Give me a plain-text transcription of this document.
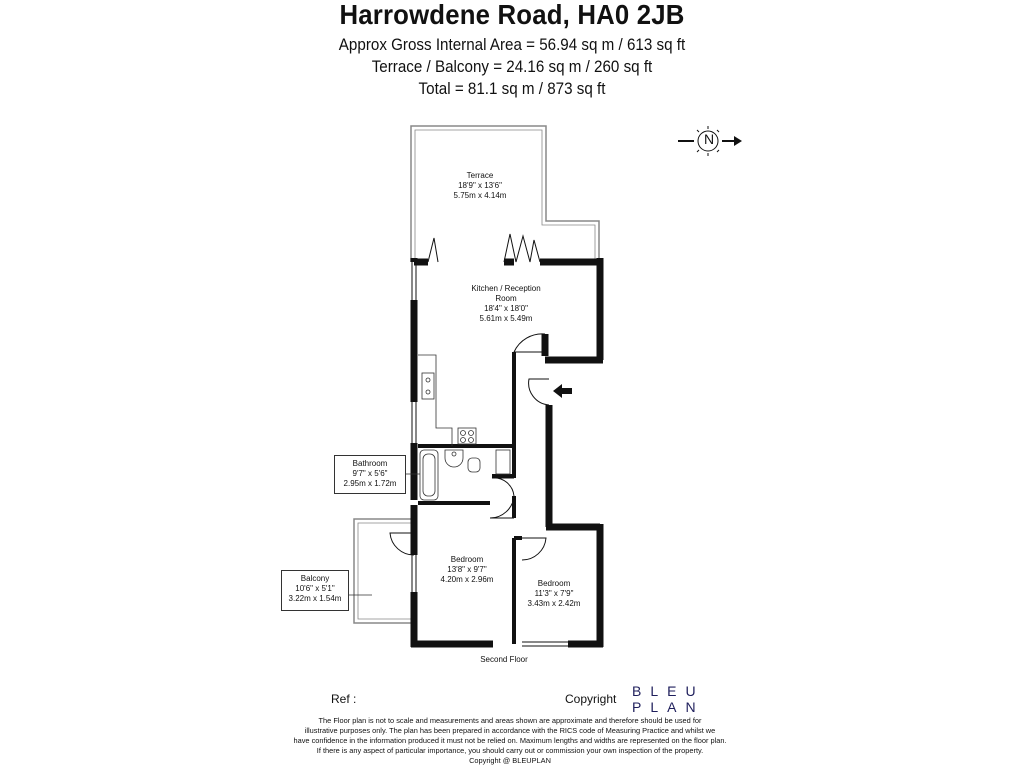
Harrowdene Road, HA0 2JB
Approx Gross Internal Area = 56.94 sq m / 613 sq ft
Terrace / Balcony = 24.16 sq m / 260 sq ft
Total = 81.1 sq m / 873 sq ft
N
Terrace
18'9" x 13'6"
5.75m x 4.14m
Kitchen / Reception
Room
18'4" x 18'0"
5.61m x 5.49m
Bathroom
9'7" x 5'6"
2.95m x 1.72m
Bedroom
13'8" x 9'7"
4.20m x 2.96m	Bedroom
11'3" x 7'9"
3.43m x 2.42m
Balcony
10'6" x 5'1"
3.22m x 1.54m
Second Floor
Ref :	Copyright BLEU
PLAN
The Floor plan is not to scale and measurements and areas shown are approximate and therefore should be used for
illustrative purposes only. The plan has been prepared in accordance with the RICS code of Measuring Practice and whilst we
have confidence in the information produced it must not be relied on. Maximum lengths and widths are represented on the floor plan.
If there is any aspect of particular importance, you should carry out or commission your own inspection of the property.
Copyright @ BLEUPLAN
